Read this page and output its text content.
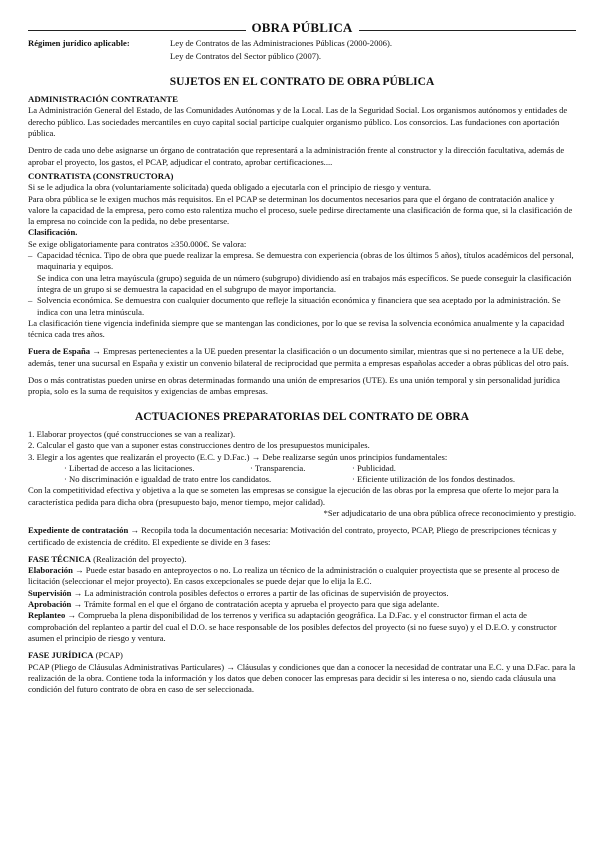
OBRA PÚBLICA
Régimen jurídico aplicable:	Ley de Contratos de las Administraciones Públicas (2000-2006).
Ley de Contratos del Sector público (2007).
SUJETOS EN EL CONTRATO DE OBRA PÚBLICA
ADMINISTRACIÓN CONTRATANTE

La Administración General del Estado, de las Comunidades Autónomas y de la Local. Las de la Seguridad Social. Los organismos autónomos y entidades de derecho público. Las sociedades mercantiles en cuyo capital social participe cualquier organismo público. Los consorcios. Las fundaciones con aportación pública.

Dentro de cada uno debe asignarse un órgano de contratación que representará a la administración frente al constructor y la dirección facultativa, además de aprobar el proyecto, los gastos, el PCAP, adjudicar el contrato, aprobar certificaciones....

CONTRATISTA (CONSTRUCTORA)

Si se le adjudica la obra (voluntariamente solicitada) queda obligado a ejecutarla con el principio de riesgo y ventura.

Para obra pública se le exigen muchos más requisitos. En el PCAP se determinan los documentos necesarios para que el órgano de contratación analice y valore la capacidad de la empresa, pero como esto ralentiza mucho el proceso, suele pedirse directamente una clasificación de forma que, si la clasificación de la empresa no coincide con la pedida, no debe presentarse.

Clasificación.

Se exige obligatoriamente para contratos ≥350.000€. Se valora:

– Capacidad técnica. Tipo de obra que puede realizar la empresa. Se demuestra con experiencia (obras de los últimos 5 años), títulos académicos del personal, maquinaria y equipos.

Se indica con una letra mayúscula (grupo) seguida de un número (subgrupo) dividiendo así en trabajos más específicos. Se puede conseguir la clasificación íntegra de un grupo si se demuestra la capacidad en el subgrupo de mayor importancia.

– Solvencia económica. Se demuestra con cualquier documento que refleje la situación económica y financiera que sea aceptado por la administración. Se indica con una letra minúscula.

La clasificación tiene vigencia indefinida siempre que se mantengan las condiciones, por lo que se revisa la solvencia económica anualmente y la capacidad técnica cada tres años.

Fuera de España → Empresas pertenecientes a la UE pueden presentar la clasificación o un documento similar, mientras que si no pertenece a la UE debe, además, tener una sucursal en España y existir un convenio bilateral de reciprocidad que permita a empresas españolas acceder a obras públicas del otro país.

Dos o más contratistas pueden unirse en obras determinadas formando una unión de empresarios (UTE). Es una unión temporal y sin personalidad jurídica propia, solo es la suma de requisitos y exigencias de ambas empresas.

ACTUACIONES PREPARATORIAS DEL CONTRATO DE OBRA

1. Elaborar proyectos (qué construcciones se van a realizar).

2. Calcular el gasto que van a suponer estas construcciones dentro de los presupuestos municipales.

3. Elegir a los agentes que realizarán el proyecto (E.C. y D.Fac.) → Debe realizarse según unos principios fundamentales:

· Libertad de acceso a las licitaciones.	· Transparencia.	· Publicidad.
· No discriminación e igualdad de trato entre los candidatos.	· Eficiente utilización de los fondos destinados.

Con la competitividad efectiva y objetiva a la que se someten las empresas se consigue la ejecución de las obras por la empresa que oferte lo mejor para la característica pedida para dicha obra (presupuesto bajo, menor tiempo, mejor calidad).

*Ser adjudicatario de una obra pública ofrece reconocimiento y prestigio.

Expediente de contratación → Recopila toda la documentación necesaria: Motivación del contrato, proyecto, PCAP, Pliego de prescripciones técnicas y certificado de existencia de crédito. El expediente se divide en 3 fases:

FASE TÉCNICA (Realización del proyecto).

Elaboración → Puede estar basado en anteproyectos o no. Lo realiza un técnico de la administración o cualquier proyectista que se presente al proceso de licitación (seleccionar el mejor proyecto). En casos excepcionales se puede dejar que lo elija la E.C.

Supervisión → La administración controla posibles defectos o errores a partir de las oficinas de supervisión de proyectos.

Aprobación → Trámite formal en el que el órgano de contratación acepta y aprueba el proyecto para que siga adelante.

Replanteo → Comprueba la plena disponibilidad de los terrenos y verifica su adaptación geográfica. La D.Fac. y el constructor firman el acta de comprobación del replanteo a partir del cual el D.O. se hace responsable de los posibles defectos del proyecto (si no fuese suyo) y el D.E.O. y constructor asumen el principio de riesgo y ventura.

FASE JURÍDICA (PCAP)

PCAP (Pliego de Cláusulas Administrativas Particulares) → Cláusulas y condiciones que dan a conocer la necesidad de contratar una E.C. y una D.Fac. para la realización de la obra. Contiene toda la información y los datos que deben conocer las empresas para decidir si les interesa o no, siendo cada cláusula una condición del futuro contrato de obra en caso de ser seleccionada.
